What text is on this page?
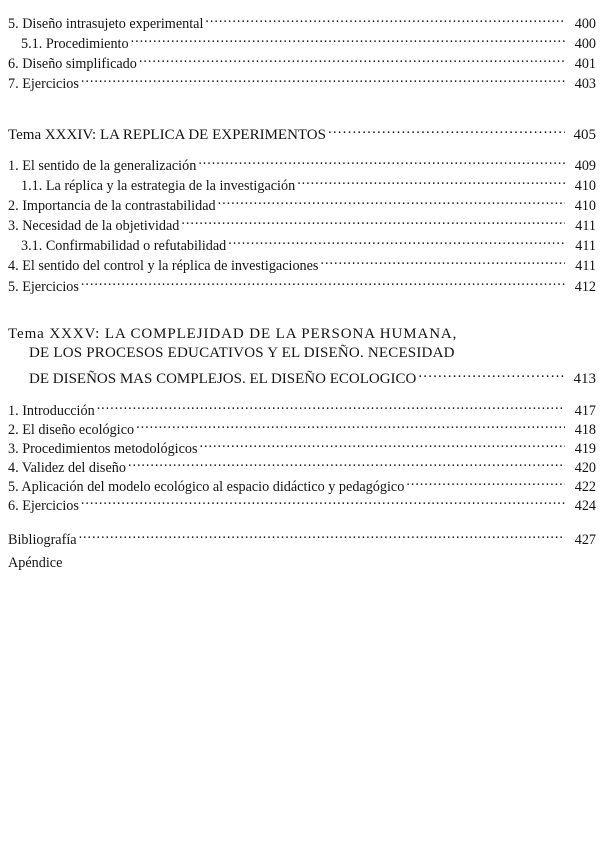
5. Diseño intrasujeto experimental . . .	400
5.1. Procedimiento . . .	400
6. Diseño simplificado . . .	401
7. Ejercicios . . .	403
Tema XXXIV: LA REPLICA DE EXPERIMENTOS . . .	405
1. El sentido de la generalización . . .	409
1.1. La réplica y la estrategia de la investigación . . .	410
2. Importancia de la contrastabilidad . . .	410
3. Necesidad de la objetividad . . .	411
3.1. Confirmabilidad o refutabilidad . . .	411
4. El sentido del control y la réplica de investigaciones . . .	411
5. Ejercicios . . .	412
Tema XXXV: LA COMPLEJIDAD DE LA PERSONA HUMANA,
DE LOS PROCESOS EDUCATIVOS Y EL DISEÑO. NECESIDAD
DE DISEÑOS MAS COMPLEJOS. EL DISEÑO ECOLOGICO . . .	413
1. Introducción . . .	417
2. El diseño ecológico . . .	418
3. Procedimientos metodológicos . . .	419
4. Validez del diseño . . .	420
5. Aplicación del modelo ecológico al espacio didáctico y pedagógico . . .	422
6. Ejercicios . . .	424
Bibliografía . . .	427
Apéndice
